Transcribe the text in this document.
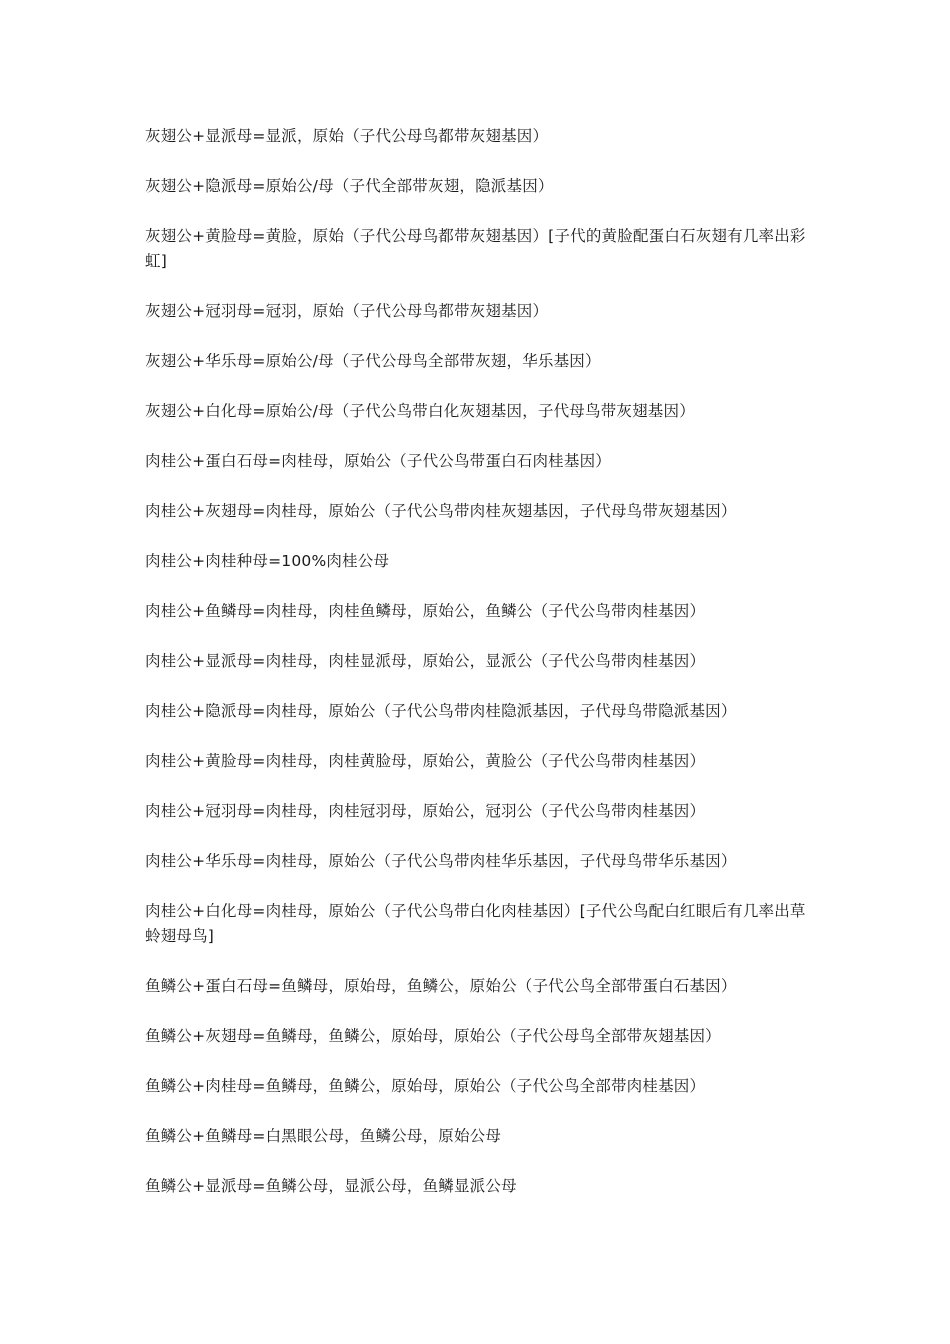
灰翅公+显派母=显派，原始（子代公母鸟都带灰翅基因）

灰翅公+隐派母=原始公/母（子代全部带灰翅，隐派基因）

灰翅公+黄脸母=黄脸，原始（子代公母鸟都带灰翅基因）[子代的黄脸配蛋白石灰翅有几率出彩虹]

灰翅公+冠羽母=冠羽，原始（子代公母鸟都带灰翅基因）

灰翅公+华乐母=原始公/母（子代公母鸟全部带灰翅，华乐基因）

灰翅公+白化母=原始公/母（子代公鸟带白化灰翅基因，子代母鸟带灰翅基因）

肉桂公+蛋白石母=肉桂母，原始公（子代公鸟带蛋白石肉桂基因）

肉桂公+灰翅母=肉桂母，原始公（子代公鸟带肉桂灰翅基因，子代母鸟带灰翅基因）

肉桂公+肉桂种母=100%肉桂公母

肉桂公+鱼鳞母=肉桂母，肉桂鱼鳞母，原始公，鱼鳞公（子代公鸟带肉桂基因）

肉桂公+显派母=肉桂母，肉桂显派母，原始公，显派公（子代公鸟带肉桂基因）

肉桂公+隐派母=肉桂母，原始公（子代公鸟带肉桂隐派基因，子代母鸟带隐派基因）

肉桂公+黄脸母=肉桂母，肉桂黄脸母，原始公，黄脸公（子代公鸟带肉桂基因）

肉桂公+冠羽母=肉桂母，肉桂冠羽母，原始公，冠羽公（子代公鸟带肉桂基因）

肉桂公+华乐母=肉桂母，原始公（子代公鸟带肉桂华乐基因，子代母鸟带华乐基因）

肉桂公+白化母=肉桂母，原始公（子代公鸟带白化肉桂基因）[子代公鸟配白红眼后有几率出草蛉翅母鸟]

鱼鳞公+蛋白石母=鱼鳞母，原始母，鱼鳞公，原始公（子代公鸟全部带蛋白石基因）

鱼鳞公+灰翅母=鱼鳞母，鱼鳞公，原始母，原始公（子代公母鸟全部带灰翅基因）

鱼鳞公+肉桂母=鱼鳞母，鱼鳞公，原始母，原始公（子代公鸟全部带肉桂基因）

鱼鳞公+鱼鳞母=白黑眼公母，鱼鳞公母，原始公母

鱼鳞公+显派母=鱼鳞公母，显派公母，鱼鳞显派公母
